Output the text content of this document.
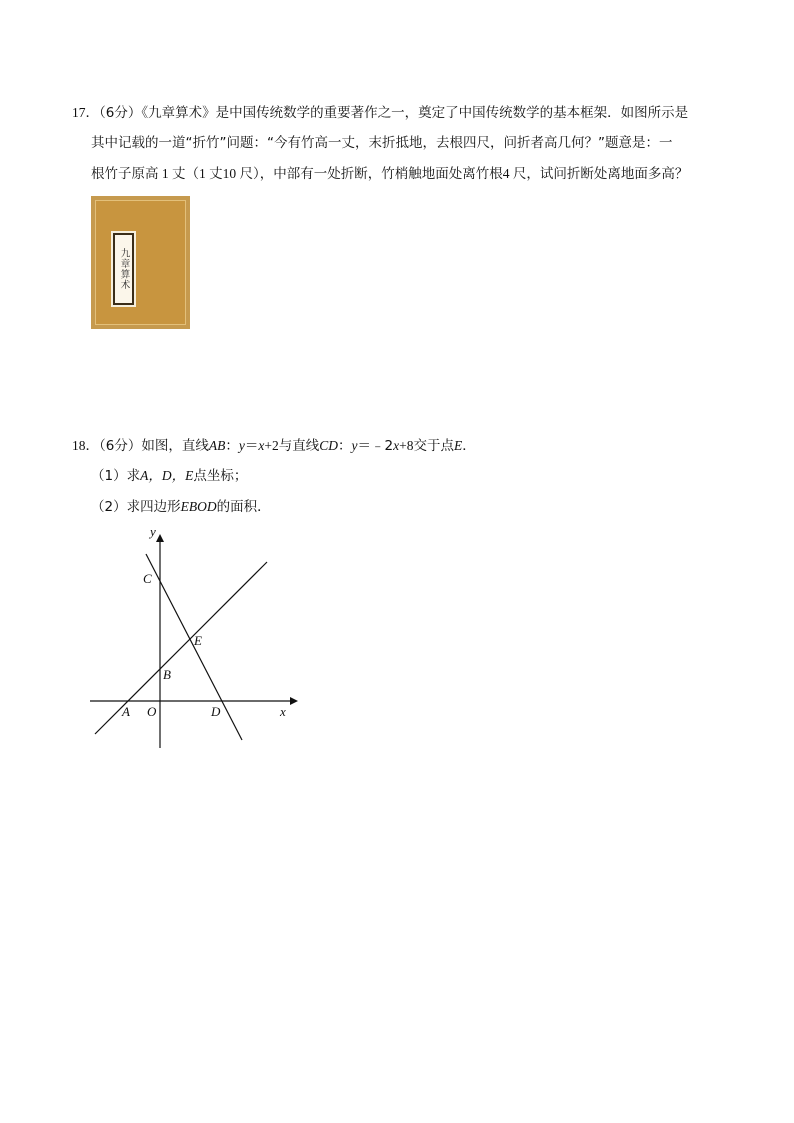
17．（6分）《九章算术》是中国传统数学的重要著作之一，奠定了中国传统数学的基本框架．如图所示是
其中记载的一道“折竹”问题：“今有竹高一丈，末折抵地，去根四尺，问折者高几何？”题意是：一
根竹子原高 1 丈（1 丈10 尺），中部有一处折断，竹梢触地面处离竹根4 尺，试问折断处离地面多高？
九章算术
18．（6分）如图，直线AB：y＝x+2与直线CD：y＝﹣2x+8交于点E．
（1）求A，D，E点坐标；
（2）求四边形EBOD的面积．
y
x
C
E
B
A O	D
